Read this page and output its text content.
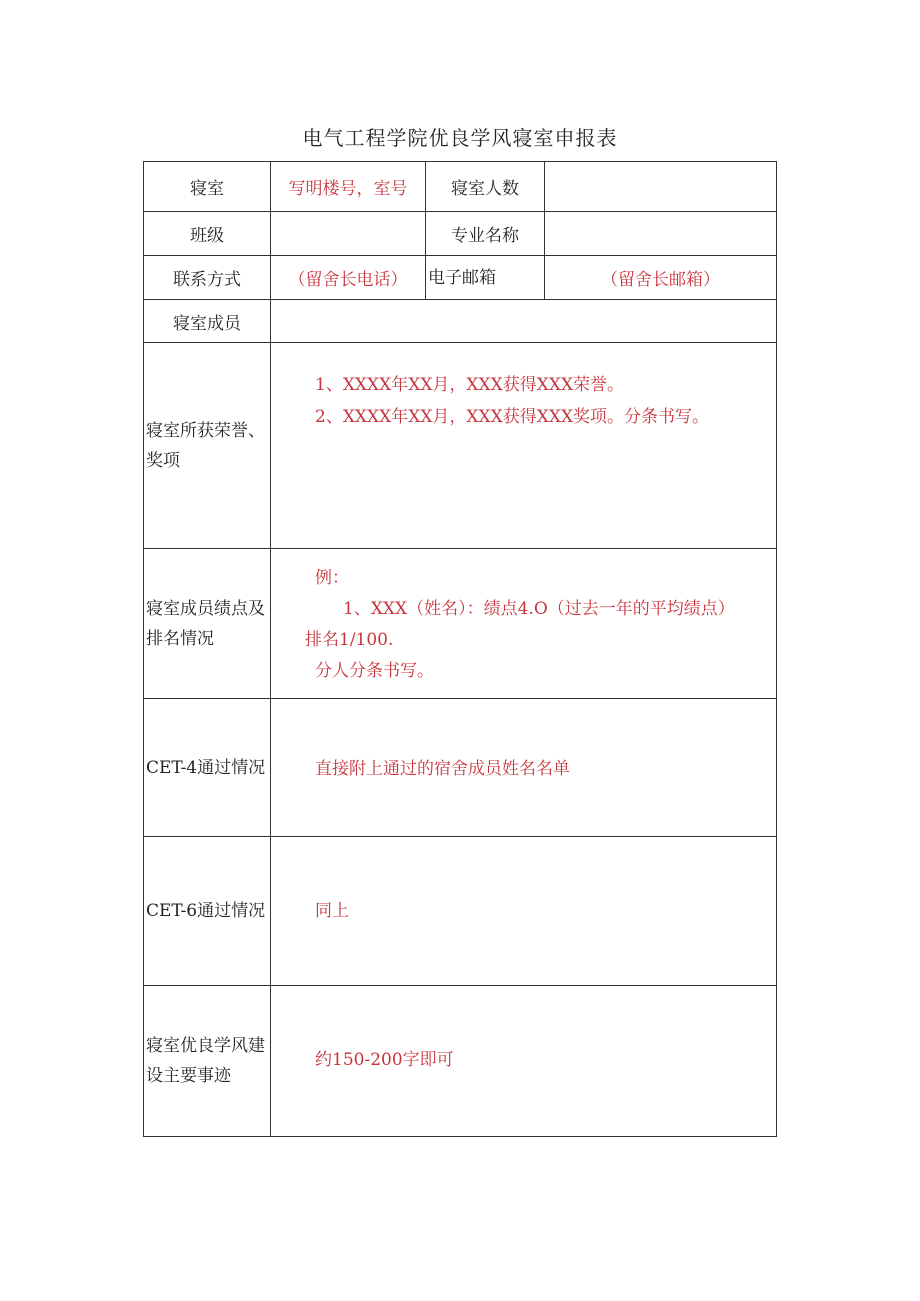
电气工程学院优良学风寝室申报表
寝室	写明楼号，室号	寝室人数	
班级		专业名称	
联系方式	（留舍长电话）	电子邮箱	（留舍长邮箱）
寝室成员			
寝室所获荣誉、奖项	1、XXXX年XX月，XXX获得XXX荣誉。
2、XXXX年XX月，XXX获得XXX奖项。分条书写。		

寝室成员绩点及排名情况	例：
1、XXX（姓名）：绩点4.O（过去一年的平均绩点）
排名1/100.
分人分条书写。		

CET-4通过情况	直接附上通过的宿舍成员姓名名单		

CET-6通过情况	同上		

寝室优良学风建设主要事迹	约150-200字即可		
